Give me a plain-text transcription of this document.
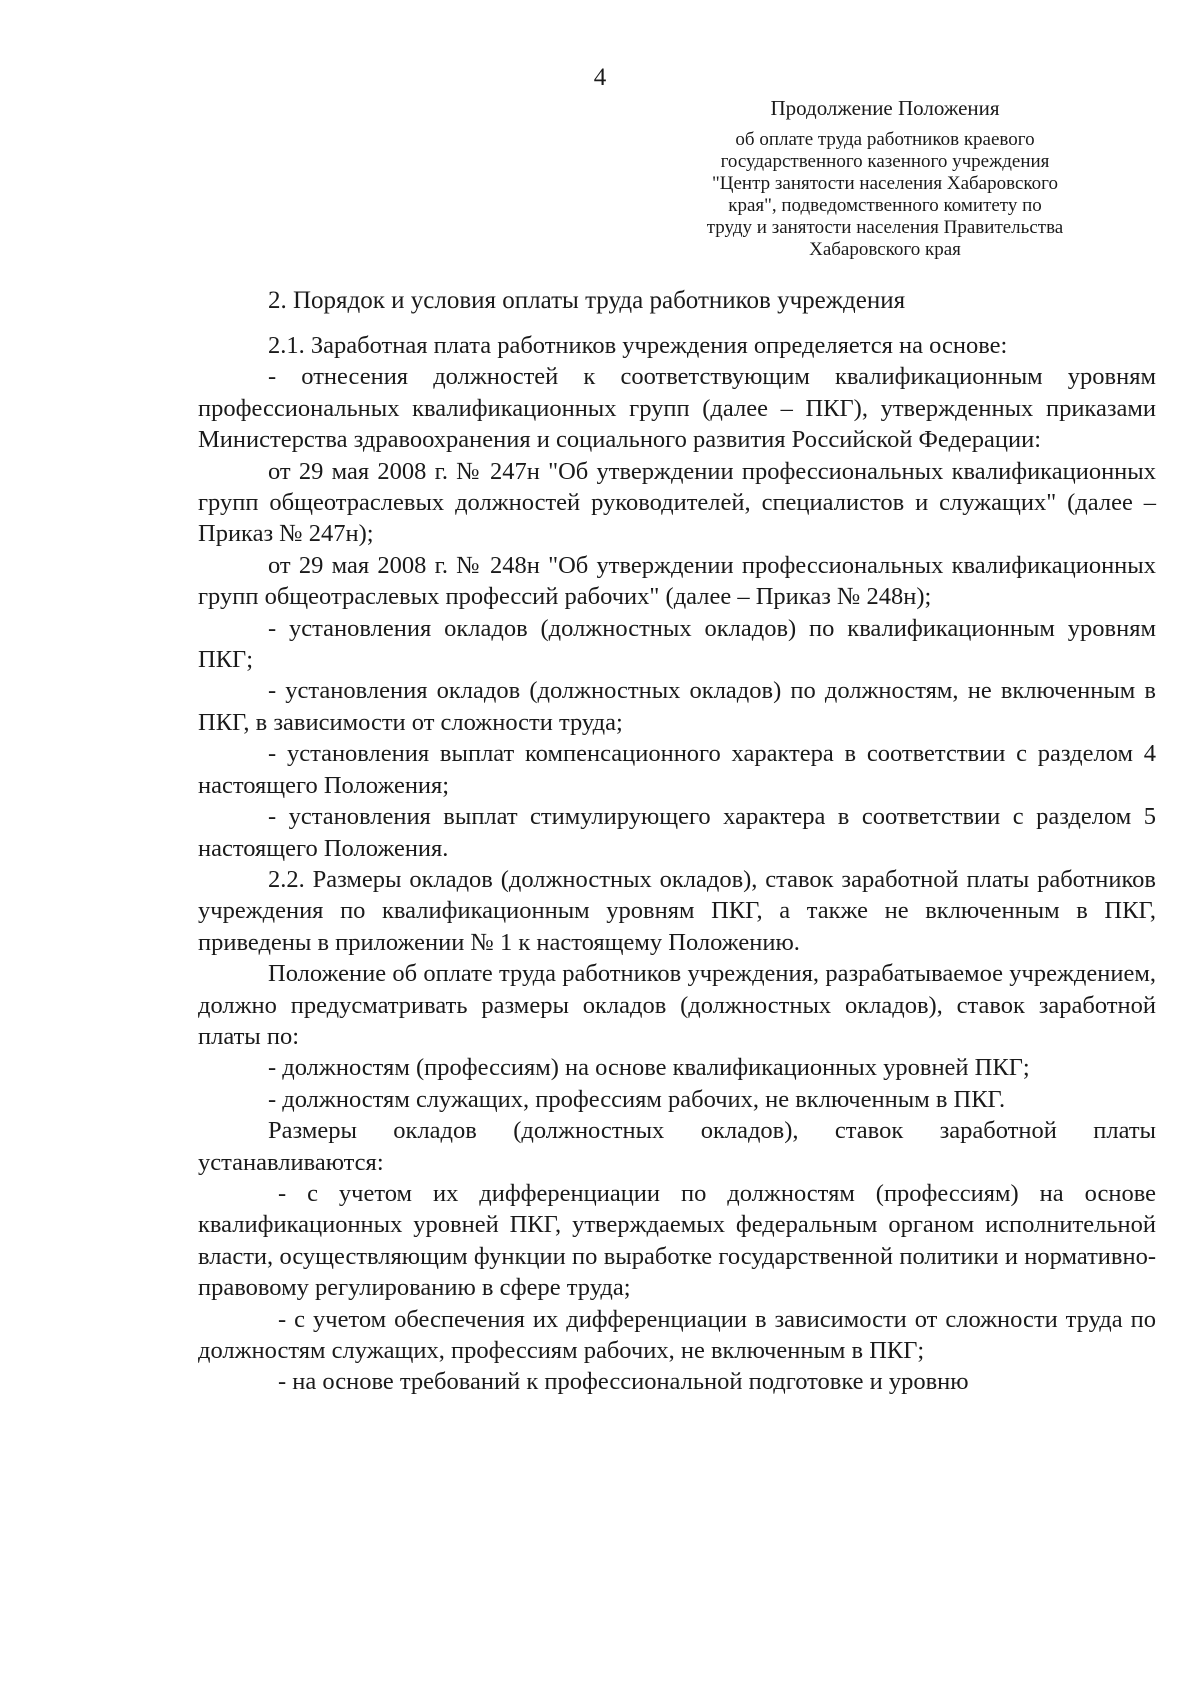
4
Продолжение Положения
об оплате труда работников краевого
государственного казенного учреждения
"Центр занятости населения Хабаровского
края", подведомственного комитету по
труду и занятости населения Правительства
Хабаровского края
2. Порядок и условия оплаты труда работников учреждения

2.1. Заработная плата работников учреждения определяется на основе:

- отнесения должностей к соответствующим квалификационным уровням профессиональных квалификационных групп (далее – ПКГ), утвержденных приказами Министерства здравоохранения и социального развития Российской Федерации:

от 29 мая 2008 г. № 247н "Об утверждении профессиональных квалификационных групп общеотраслевых должностей руководителей, специалистов и служащих" (далее – Приказ № 247н);

от 29 мая 2008 г. № 248н "Об утверждении профессиональных квалификационных групп общеотраслевых профессий рабочих" (далее – Приказ № 248н);

- установления окладов (должностных окладов) по квалификационным уровням ПКГ;

- установления окладов (должностных окладов) по должностям, не включенным в ПКГ, в зависимости от сложности труда;

- установления выплат компенсационного характера в соответствии с разделом 4 настоящего Положения;

- установления выплат стимулирующего характера в соответствии с разделом 5 настоящего Положения.

2.2. Размеры окладов (должностных окладов), ставок заработной платы работников учреждения по квалификационным уровням ПКГ, а также не включенным в ПКГ, приведены в приложении № 1 к настоящему Положению.

Положение об оплате труда работников учреждения, разрабатываемое учреждением, должно предусматривать размеры окладов (должностных окладов), ставок заработной платы по:

- должностям (профессиям) на основе квалификационных уровней ПКГ;

- должностям служащих, профессиям рабочих, не включенным в ПКГ.

Размеры окладов (должностных окладов), ставок заработной платы устанавливаются:

- с учетом их дифференциации по должностям (профессиям) на основе квалификационных уровней ПКГ, утверждаемых федеральным органом исполнительной власти, осуществляющим функции по выработке государственной политики и нормативно-правовому регулированию в сфере труда;

- с учетом обеспечения их дифференциации в зависимости от сложности труда по должностям служащих, профессиям рабочих, не включенным в ПКГ;

- на основе требований к профессиональной подготовке и уровню
